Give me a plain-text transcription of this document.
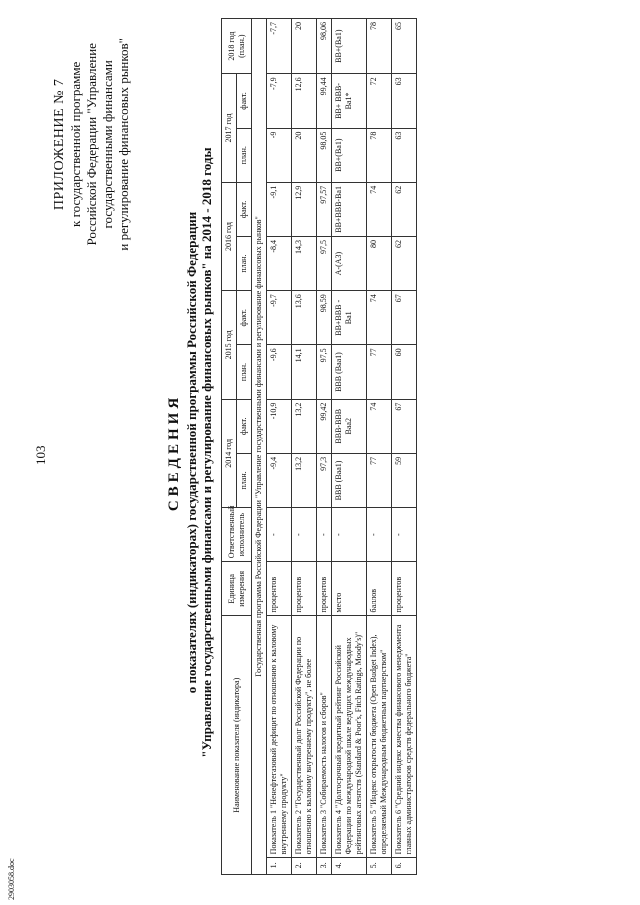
2903058.doc
103
ПРИЛОЖЕНИЕ № 7 к государственной программе Российской Федерации "Управление государственными финансами и регулирование финансовых рынков"
СВЕДЕНИЯ о показателях (индикаторах) государственной программы Российской Федерации "Управление государственными финансами и регулирование финансовых рынков" на 2014 - 2018 годы Наименование показателя (индикатора)		Единица измерения	Ответственный исполнитель	2014 год		2015 год		2016 год		2017 год		2018 год (план.)
				план.	факт.	план.	факт.	план.	факт.	план.	факт.	
Государственная программа Российской Федерации "Управление государственными финансами и регулирование финансовых рынков"												
1.	Показатель 1 "Ненефтегазовый дефицит по отношению к валовому внутреннему продукту"	процентов	-	-9,4	-10,9	-9,6	-9,7	-8,4	-9,1	-9	-7,9	-7,7
2.	Показатель 2 "Государственный долг Российской Федерации по отношению к валовому внутреннему продукту", не более	процентов	-	13,2	13,2	14,1	13,6	14,3	12,9	20	12,6	20
3.	Показатель 3 "Собираемость налогов и сборов"	процентов	-	97,3	99,42	97,5	98,59	97,5	97,57	98,05	99,44	98,06
4.	Показатель 4 "Долгосрочный кредитный рейтинг Российской Федерации по международной шкале ведущих международных рейтинговых агентств (Standard & Poor's, Fitch Ratings, Moody's)"	место	-	BBB (Baa1)	BBB-BBB Baa2	BBB (Baa1)	BB+BBB -Ba1	A-(A3)	BB+BBB-Ba1	BB+(Ba1)	BB+ BBB- Ba1*	BB+(Ba1)
5.	Показатель 5 "Индекс открытости бюджета (Open Budget Index), определяемый Международным бюджетным партнерством"	баллов	-	77	74	77	74	80	74	78	72	78
6.	Показатель 6 "Средний индекс качества финансового менеджмента главных администраторов средств федерального бюджета"	процентов	-	59	67	60	67	62	62	63	63	65
